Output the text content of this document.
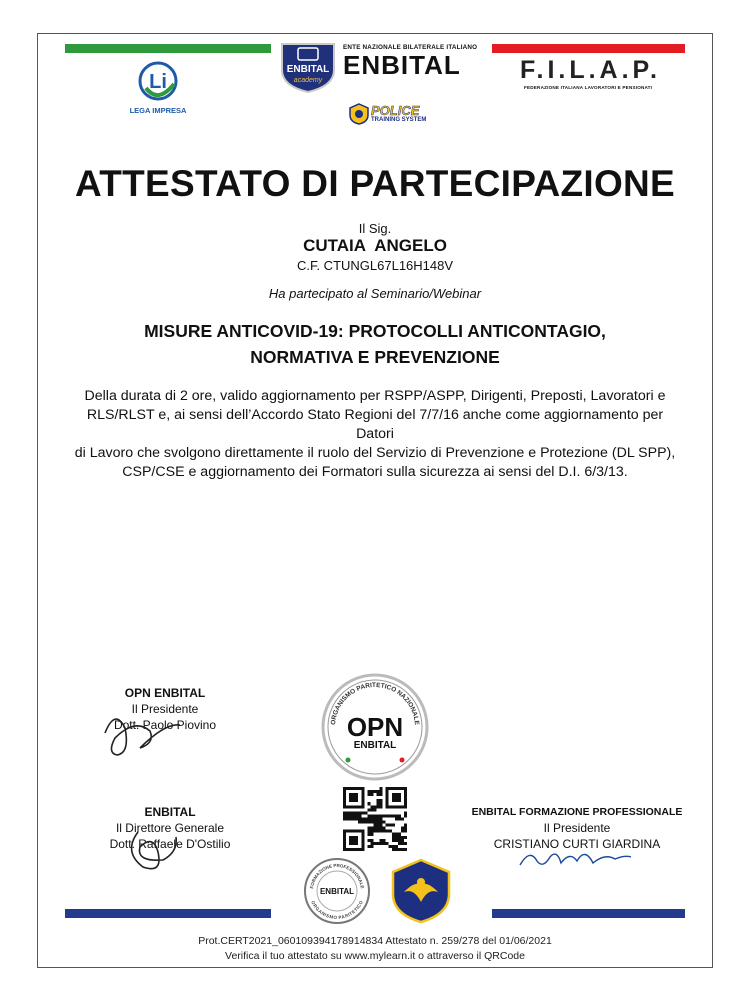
Li
LEGA IMPRESA
ENBITAL
academy
ENTE NAZIONALE BILATERALE ITALIANO
ENBITAL
POLICE
TRAINING SYSTEM
F.I.L.A.P.
FEDERAZIONE ITALIANA LAVORATORI E PENSIONATI
ATTESTATO DI PARTECIPAZIONE
Il Sig.
CUTAIA  ANGELO
C.F. CTUNGL67L16H148V
Ha partecipato al Seminario/Webinar
MISURE ANTICOVID-19: PROTOCOLLI ANTICONTAGIO,
NORMATIVA E PREVENZIONE
Della durata di 2 ore, valido aggiornamento per RSPP/ASPP, Dirigenti, Preposti, Lavoratori e
RLS/RLST e, ai sensi dell’Accordo Stato Regioni del 7/7/16 anche come aggiornamento per Datori
di Lavoro che svolgono direttamente il ruolo del Servizio di Prevenzione e Protezione (DL SPP),
CSP/CSE e aggiornamento dei Formatori sulla sicurezza ai sensi del D.I. 6/3/13.
OPN ENBITAL
Il Presidente
Dott. Paolo Piovino	ORGANISMO PARITETICO NAZIONALE
OPN
ENBITAL
ENBITAL
Il Direttore Generale
Dott. Raffaele D'Ostilio
ENBITAL FORMAZIONE PROFESSIONALE
Il Presidente
CRISTIANO CURTI GIARDINA
FORMAZIONE PROFESSIONALE
ORGANISMO PARITETICO
ENBITAL
Prot.CERT2021_060109394178914834 Attestato n. 259/278 del 01/06/2021
Verifica il tuo attestato su www.mylearn.it o attraverso il QRCode
